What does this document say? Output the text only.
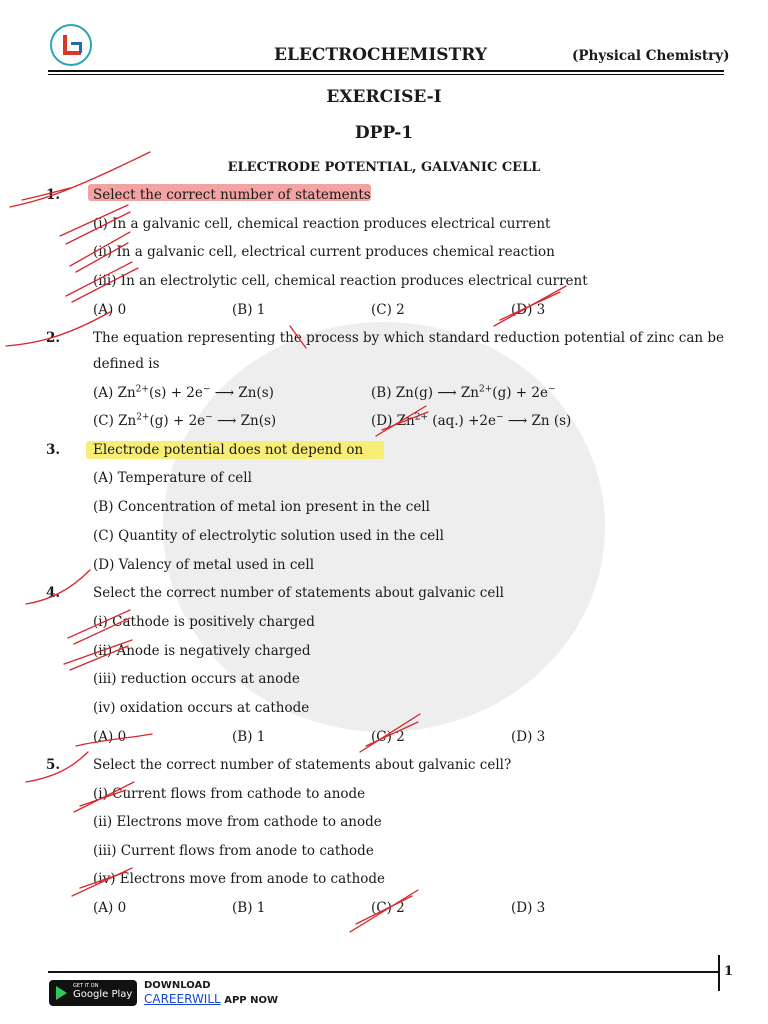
ELECTROCHEMISTRY	(Physical Chemistry)
EXERCISE-I
DPP-1
ELECTRODE POTENTIAL, GALVANIC CELL
1. Select the correct number of statements
(i) In a galvanic cell, chemical reaction produces electrical current
(ii) In a galvanic cell, electrical current produces chemical reaction
(iii) In an electrolytic cell, chemical reaction produces electrical current
(A) 0	(B) 1	(C) 2	(D) 3
2. The equation representing the process by which standard reduction potential of zinc can be
defined is
(A) $Zn^{2+}(s) + 2e^-$ ⟶ Zn(s)	(B) Zn(g) ⟶ $Zn^{2+}(g) + 2e^-$
(C) $Zn^{2+}(g) + 2e^-$ ⟶ Zn(s)	(D) $Zn^{2+}$ (aq.) +2e− ⟶ Zn (s)
3. Electrode potential does not depend on
(A) Temperature of cell
(B) Concentration of metal ion present in the cell
(C) Quantity of electrolytic solution used in the cell
(D) Valency of metal used in cell
4. Select the correct number of statements about galvanic cell
(i) Cathode is positively charged
(ii) Anode is negatively charged
(iii) reduction occurs at anode
(iv) oxidation occurs at cathode
(A) 0	(B) 1	(C) 2	(D) 3
5. Select the correct number of statements about galvanic cell?
(i) Current flows from cathode to anode
(ii) Electrons move from cathode to anode
(iii) Current flows from anode to cathode
(iv) Electrons move from anode to cathode
(A) 0	(B) 1	(C) 2	(D) 3
1
GET IT ON
Google Play
DOWNLOAD
CAREERWILL APP NOW
